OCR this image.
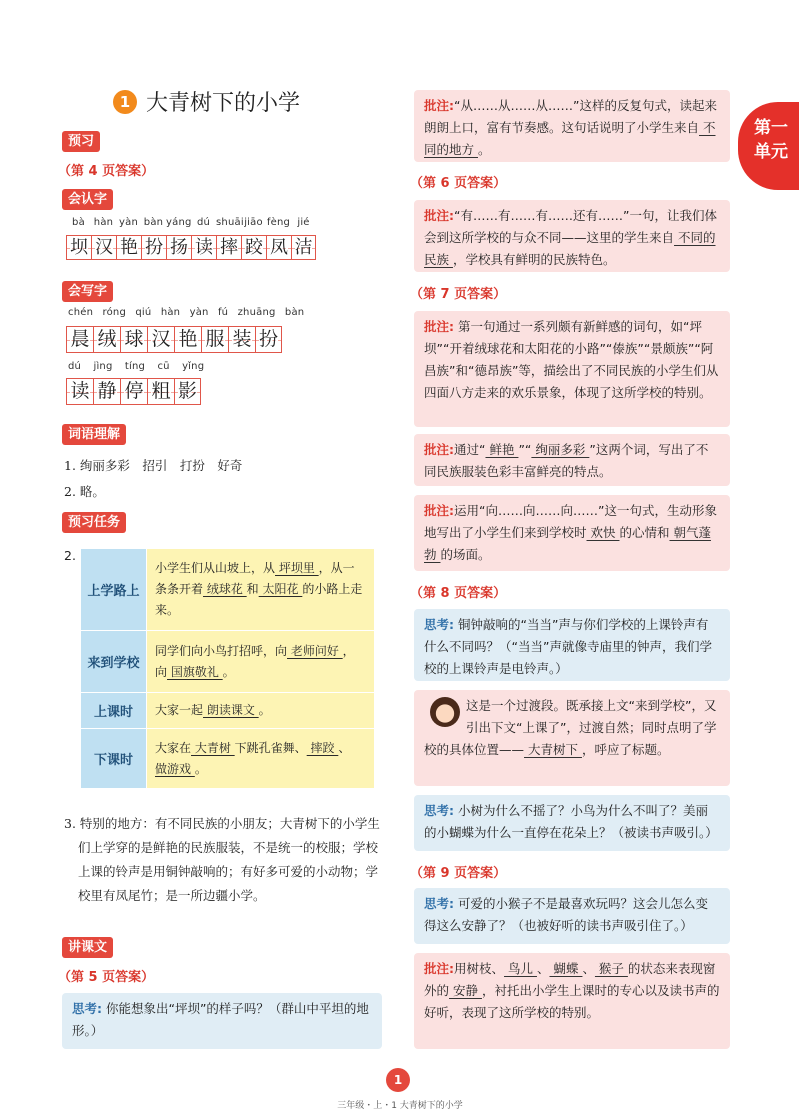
1 大青树下的小学
第一
单元
预习
（第 4 页答案）
会认字
bà hàn yàn bàn yáng dú shuāi jiāo fèng jié
坝 汉 艳 扮 扬 读 摔 跤 凤 洁
会写字
chén róng qiú hàn yàn fú zhuāng bàn
晨 绒 球 汉 艳 服 装 扮
dú jìng tíng cū yǐng
读 静 停 粗 影
词语理解
1. 绚丽多彩　招引　打扮　好奇
2. 略。
预习任务
2.
上学路上	小学生们从山坡上，从 坪坝里 ，从一条条开着 绒球花 和 太阳花 的小路上走来。
来到学校	同学们向小鸟打招呼，向 老师问好 ，向 国旗敬礼 。
上课时	大家一起 朗读课文 。
下课时	大家在 大青树 下跳孔雀舞、 摔跤 、 做游戏 。
3. 特别的地方：有不同民族的小朋友；大青树下的小学生们上学穿的是鲜艳的民族服装，不是统一的校服；学校上课的铃声是用铜钟敲响的；有好多可爱的小动物；学校里有凤尾竹；是一所边疆小学。
讲课文
（第 5 页答案）
思考: 你能想象出“坪坝”的样子吗？（群山中平坦的地形。）
批注:“从……从……从……”这样的反复句式，读起来朗朗上口，富有节奏感。这句话说明了小学生来自 不同的地方 。
（第 6 页答案）
批注:“有……有……有……还有……”一句，让我们体会到这所学校的与众不同——这里的学生来自 不同的民族 ，学校具有鲜明的民族特色。
（第 7 页答案）
批注: 第一句通过一系列颇有新鲜感的词句，如“坪坝”“开着绒球花和太阳花的小路”“傣族”“景颇族”“阿昌族”和“德昂族”等，描绘出了不同民族的小学生们从四面八方走来的欢乐景象，体现了这所学校的特别。
批注:通过“ 鲜艳 ”“ 绚丽多彩 ”这两个词，写出了不同民族服装色彩丰富鲜亮的特点。
批注:运用“向……向……向……”这一句式，生动形象地写出了小学生们来到学校时 欢快 的心情和 朝气蓬勃 的场面。
（第 8 页答案）
思考: 铜钟敲响的“当当”声与你们学校的上课铃声有什么不同吗？（“当当”声就像寺庙里的钟声，我们学校的上课铃声是电铃声。）
这是一个过渡段。既承接上文“来到学校”，又引出下文“上课了”，过渡自然；同时点明了学校的具体位置—— 大青树下 ，呼应了标题。
思考: 小树为什么不摇了？小鸟为什么不叫了？美丽的小蝴蝶为什么一直停在花朵上？（被读书声吸引。）
（第 9 页答案）
思考: 可爱的小猴子不是最喜欢玩吗？这会儿怎么变得这么安静了？（也被好听的读书声吸引住了。）
批注:用树枝、 鸟儿 、 蝴蝶 、 猴子 的状态来表现窗外的 安静 ，衬托出小学生上课时的专心以及读书声的好听，表现了这所学校的特别。
1
三年级・上・1 大青树下的小学
